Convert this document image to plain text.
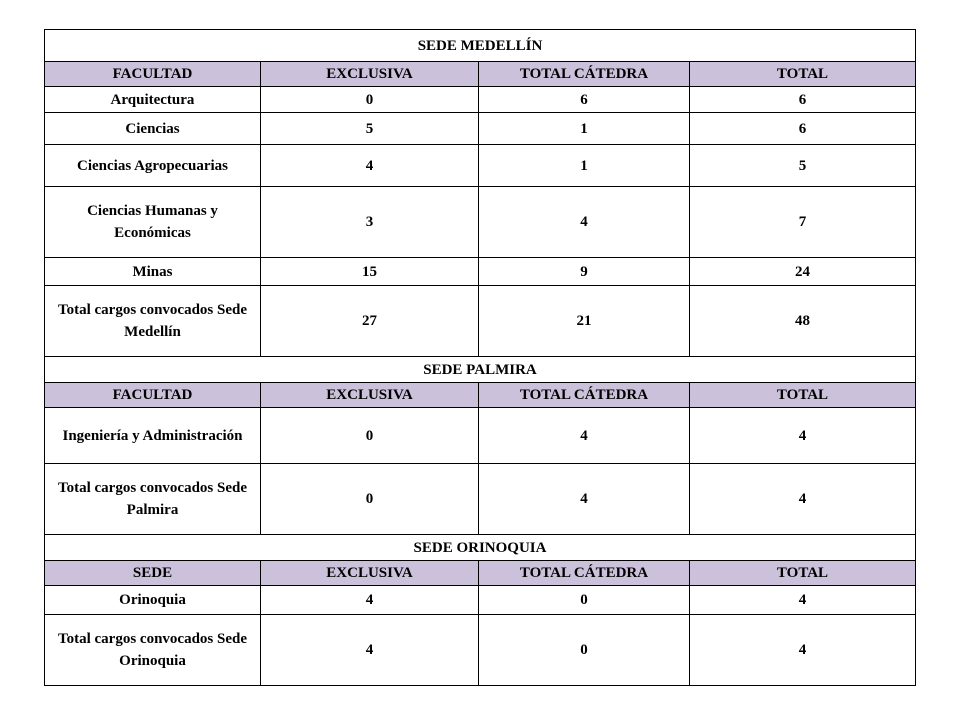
SEDE MEDELLÍN			
FACULTAD	EXCLUSIVA	TOTAL CÁTEDRA	TOTAL
Arquitectura	0	6	6
Ciencias	5	1	6
Ciencias Agropecuarias	4	1	5
Ciencias Humanas y Económicas	3	4	7
Minas	15	9	24
Total cargos convocados Sede Medellín	27	21	48
SEDE PALMIRA			
FACULTAD	EXCLUSIVA	TOTAL CÁTEDRA	TOTAL
Ingeniería y Administración	0	4	4
Total cargos convocados Sede Palmira	0	4	4
SEDE ORINOQUIA			
SEDE	EXCLUSIVA	TOTAL CÁTEDRA	TOTAL
Orinoquia	4	0	4
Total cargos convocados Sede Orinoquia	4	0	4
